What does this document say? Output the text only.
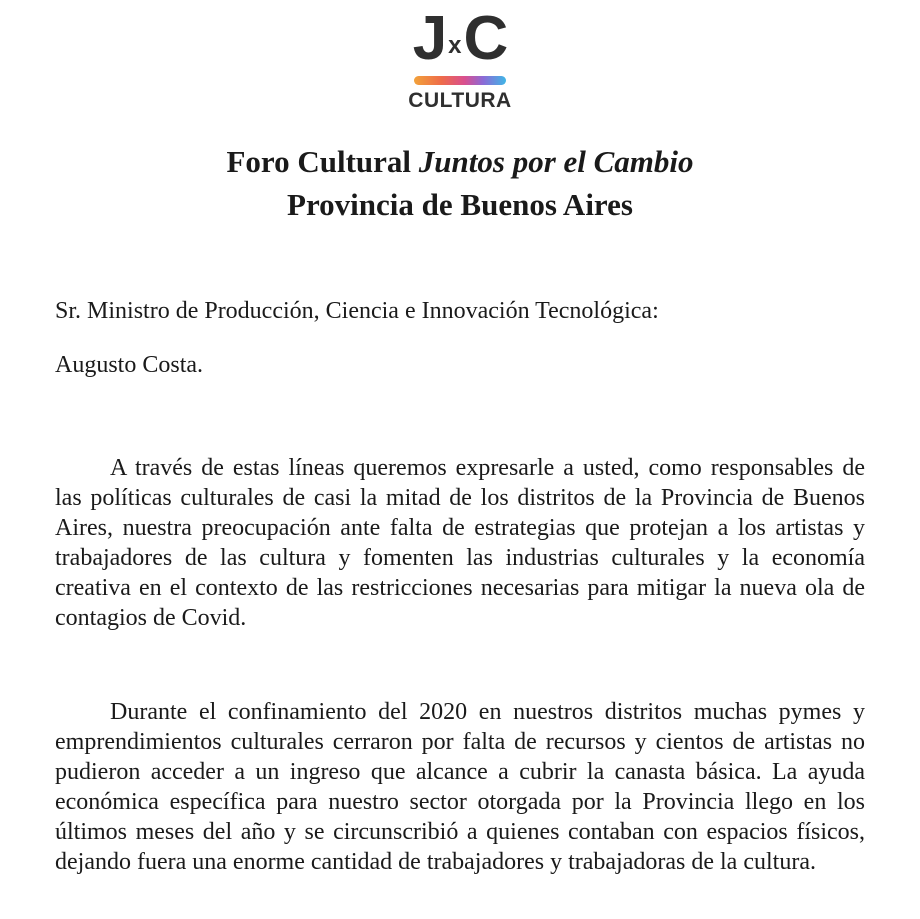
J x C
CULTURA
Foro Cultural Juntos por el Cambio
Provincia de Buenos Aires
Sr. Ministro de Producción, Ciencia e Innovación Tecnológica:
Augusto Costa.

A través de estas líneas queremos expresarle a usted, como responsables de las políticas culturales de casi la mitad de los distritos de la Provincia de Buenos Aires, nuestra preocupación ante falta de estrategias que protejan a los artistas y trabajadores de las cultura y fomenten las industrias culturales y la economía creativa en el contexto de las restricciones necesarias para mitigar la nueva ola de contagios de Covid.

Durante el confinamiento del 2020 en nuestros distritos muchas pymes y emprendimientos culturales cerraron por falta de recursos y cientos de artistas no pudieron acceder a un ingreso que alcance a cubrir la canasta básica. La ayuda económica específica para nuestro sector otorgada por la Provincia llego en los últimos meses del año y se circunscribió a quienes contaban con espacios físicos, dejando fuera una enorme cantidad de trabajadores y trabajadoras de la cultura.
